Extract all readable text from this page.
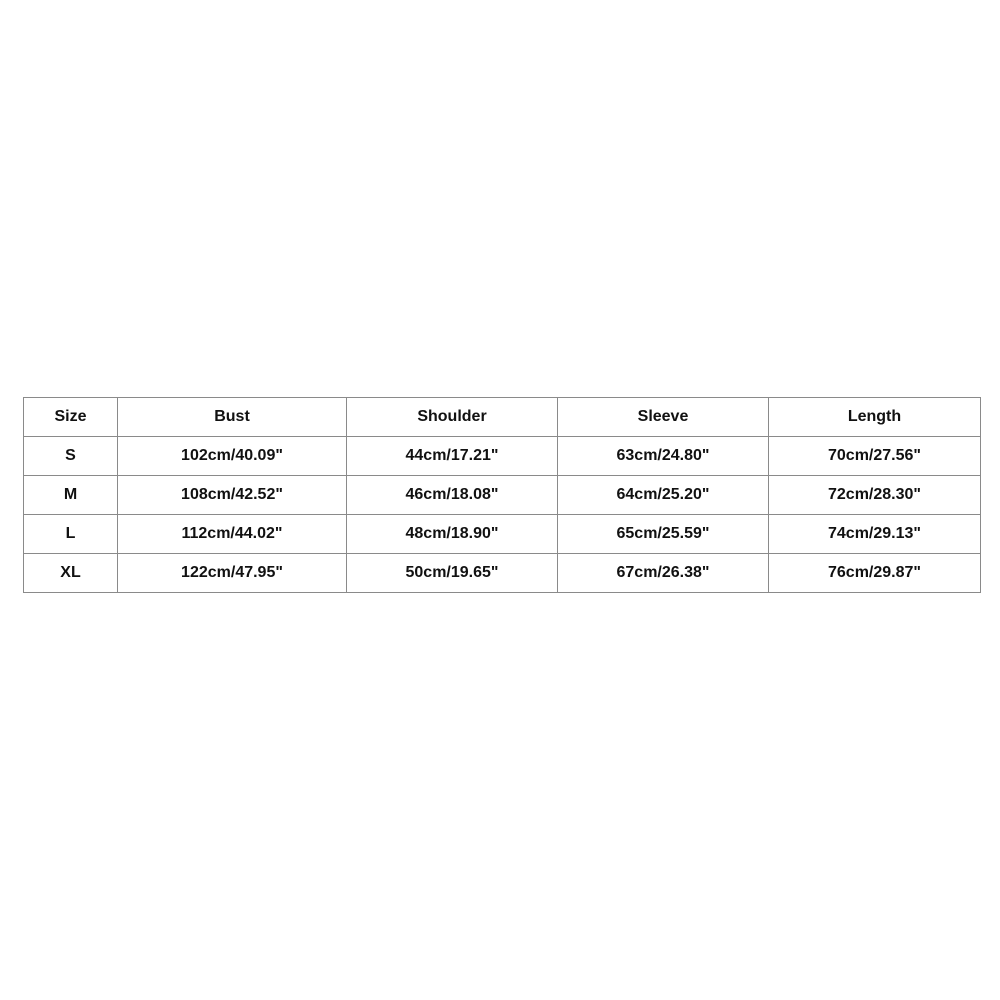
Size	Bust	Shoulder	Sleeve	Length
S	102cm/40.09"	44cm/17.21"	63cm/24.80"	70cm/27.56"
M	108cm/42.52"	46cm/18.08"	64cm/25.20"	72cm/28.30"
L	112cm/44.02"	48cm/18.90"	65cm/25.59"	74cm/29.13"
XL	122cm/47.95"	50cm/19.65"	67cm/26.38"	76cm/29.87"
